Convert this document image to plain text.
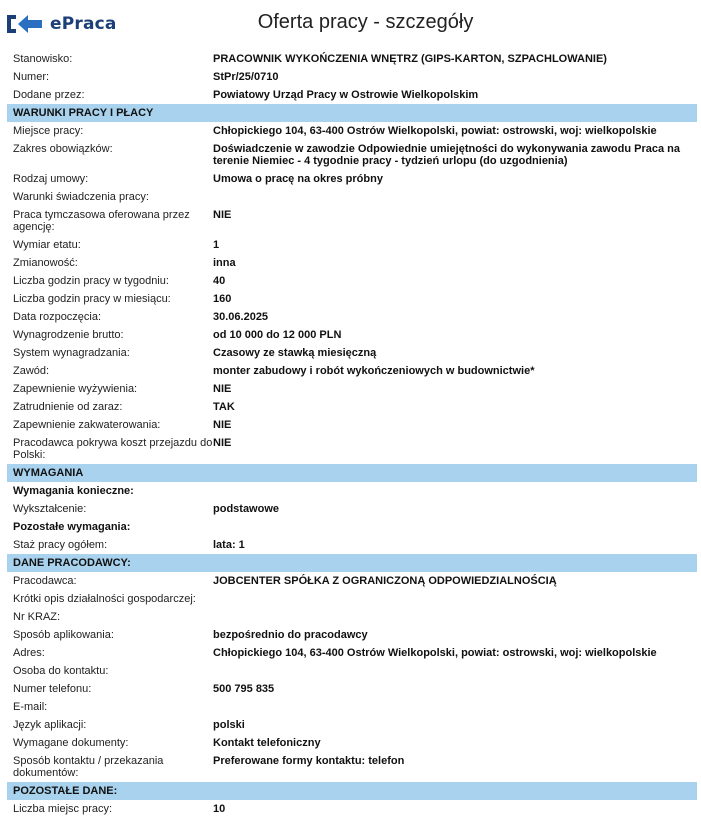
ePraca	Oferta pracy - szczegóły
Stanowisko:	PRACOWNIK WYKOŃCZENIA WNĘTRZ (GIPS-KARTON, SZPACHLOWANIE)
Numer:	StPr/25/0710
Dodane przez:	Powiatowy Urząd Pracy w Ostrowie Wielkopolskim
WARUNKI PRACY I PŁACY
Miejsce pracy:	Chłopickiego 104, 63-400 Ostrów Wielkopolski, powiat: ostrowski, woj: wielkopolskie
Zakres obowiązków:	Doświadczenie w zawodzie Odpowiednie umiejętności do wykonywania zawodu Praca na terenie Niemiec - 4 tygodnie pracy - tydzień urlopu (do uzgodnienia)
Rodzaj umowy:	Umowa o pracę na okres próbny
Warunki świadczenia pracy:
Praca tymczasowa oferowana przez agencję:
NIE
Wymiar etatu:	1
Zmianowość:	inna
Liczba godzin pracy w tygodniu:	40
Liczba godzin pracy w miesiącu:	160
Data rozpoczęcia:	30.06.2025
Wynagrodzenie brutto:	od 10 000 do 12 000 PLN
System wynagradzania:	Czasowy ze stawką miesięczną
Zawód:	monter zabudowy i robót wykończeniowych w budownictwie*
Zapewnienie wyżywienia:	NIE
Zatrudnienie od zaraz:	TAK
Zapewnienie zakwaterowania:	NIE
Pracodawca pokrywa koszt przejazdu do Polski:
NIE
WYMAGANIA
Wymagania konieczne:
Wykształcenie:	podstawowe
Pozostałe wymagania:
Staż pracy ogółem:	lata: 1
DANE PRACODAWCY:
Pracodawca:	JOBCENTER SPÓŁKA Z OGRANICZONĄ ODPOWIEDZIALNOŚCIĄ
Krótki opis działalności gospodarczej:
Nr KRAZ:
Sposób aplikowania:	bezpośrednio do pracodawcy
Adres:	Chłopickiego 104, 63-400 Ostrów Wielkopolski, powiat: ostrowski, woj: wielkopolskie
Osoba do kontaktu:
Numer telefonu:	500 795 835
E-mail:
Język aplikacji:	polski
Wymagane dokumenty:	Kontakt telefoniczny
Sposób kontaktu / przekazania dokumentów:
Preferowane formy kontaktu: telefon
POZOSTAŁE DANE:
Liczba miejsc pracy:	10
